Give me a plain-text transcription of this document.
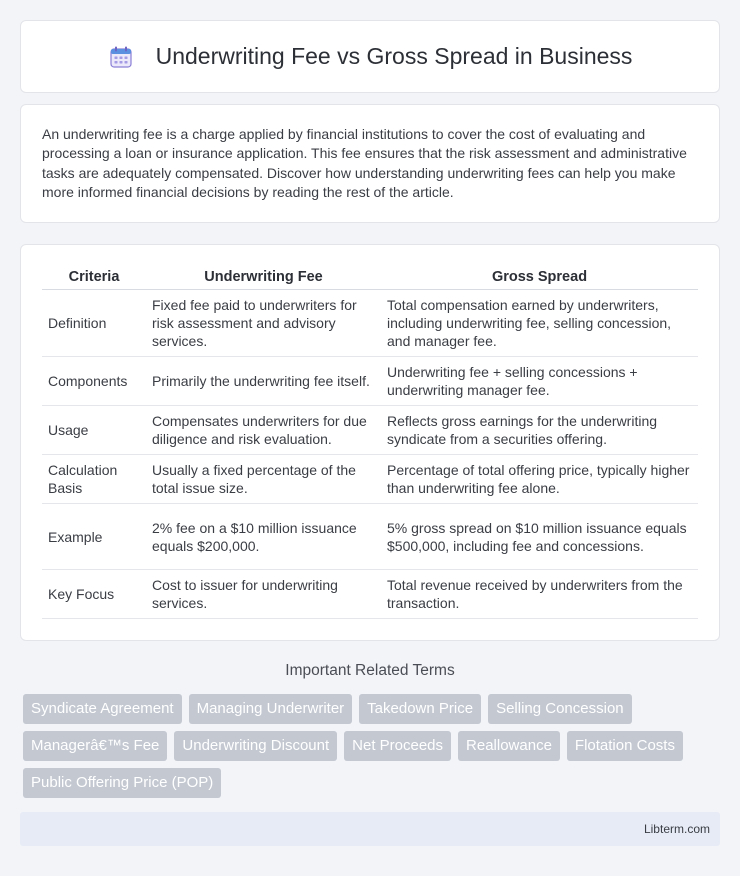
Underwriting Fee vs Gross Spread in Business

An underwriting fee is a charge applied by financial institutions to cover the cost of evaluating and processing a loan or insurance application. This fee ensures that the risk assessment and administrative tasks are adequately compensated. Discover how understanding underwriting fees can help you make more informed financial decisions by reading the rest of the article.

Criteria	Underwriting Fee	Gross Spread
Definition	Fixed fee paid to underwriters for risk assessment and advisory services.	Total compensation earned by underwriters, including underwriting fee, selling concession, and manager fee.
Components	Primarily the underwriting fee itself.	Underwriting fee + selling concessions + underwriting manager fee.
Usage	Compensates underwriters for due diligence and risk evaluation.	Reflects gross earnings for the underwriting syndicate from a securities offering.
Calculation Basis	Usually a fixed percentage of the total issue size.	Percentage of total offering price, typically higher than underwriting fee alone.
Example	2% fee on a $10 million issuance equals $200,000.	5% gross spread on $10 million issuance equals $500,000, including fee and concessions.
Key Focus	Cost to issuer for underwriting services.	Total revenue received by underwriters from the transaction.
Important Related Terms
Syndicate Agreement	Managing Underwriter	Takedown Price	Selling Concession
Managerâ€™s Fee	Underwriting Discount	Net Proceeds	Reallowance	Flotation Costs
Public Offering Price (POP)
Libterm.com
